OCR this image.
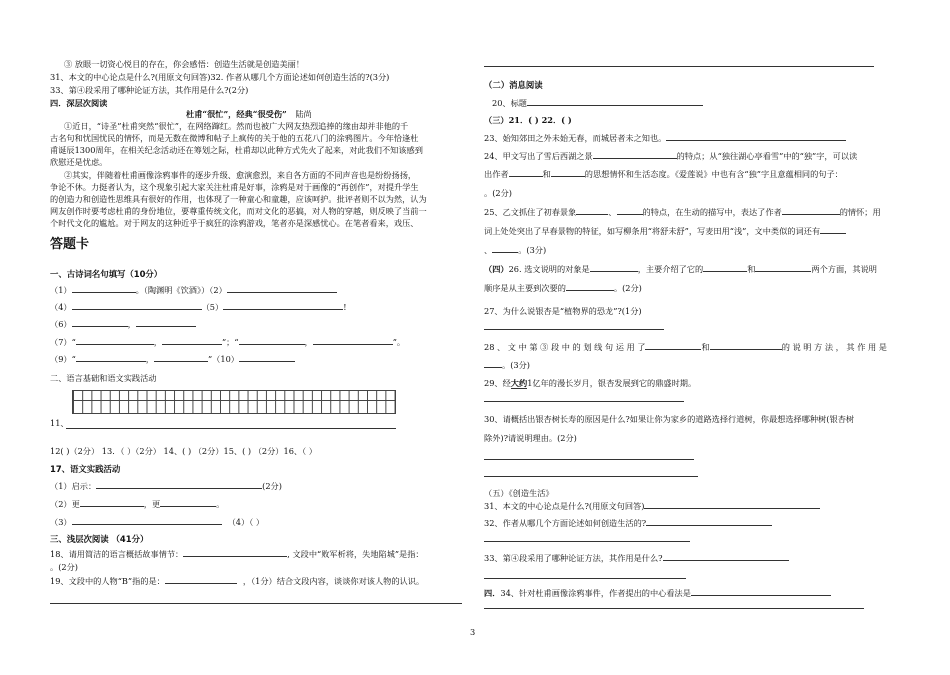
③ 放眼一切资心悦目的存在，你会感悟：创造生活就是创造美丽！
31、本文的中心论点是什么?(用原文句回答)32. 作者从哪几个方面论述如何创造生活的?(3分)
33、第④段采用了哪种论证方法，其作用是什么?(2分)
四．深层次阅读
杜甫“很忙”，经典“很受伤” 陆尚
①近日，“诗圣”杜甫突然“很忙”，在网络蹿红。然而也被广大网友热烈追捧的缘由却并非他的千
古名句和忧国忧民的情怀，而是无数在微博和帖子上疯传的关于他的五花八门的涂鸦图片。今年恰逢杜
甫诞辰1300周年，在相关纪念活动还在筹划之际，杜甫却以此种方式先火了起来，对此我们不知该感到
欣慰还是忧虑。
②其实，伴随着杜甫画像涂鸦事件的逐步升级、愈演愈烈，来自各方面的不同声音也是纷纷扬扬，
争论不休。力挺者认为，这个现象引起大家关注杜甫是好事，涂鸦是对于画像的“再创作”，对提升学生
的创造力和创造性思维具有很好的作用，也体现了一种童心和童趣，应该呵护。批评者则不以为然，认为
网友创作时要考虑杜甫的身份地位，要尊重传统文化，而对文化的恶搞，对人物的穿越，则反映了当前一
个时代文化的尴尬。对于网友的这种近乎于疯狂的涂鸦游戏，笔者亦是深感忧心。在笔者看来，戏压、
答题卡
一、古诗词名句填写（10分）
（1）	。（陶渊明《饮酒》）（2）
（4）	（5）	!
（6）	，
（7）“	，	”；“	，	”。
（9）“	，	”（10）
二、语言基础和语文实践活动
11、
12( )（2分） 13．（ ）（2分） 14、( ) （2分）15、( ) （2分）16、（ ）
17、语文实践活动
（1）启示：	(2分)
（2）更	，更	。
（3）	（4）（ ）
三、浅层次阅读 （41分）
18、请用简洁的语言概括故事情节：	, 文段中“败军析将，失地陷城”是指：
。(2分)
19、文段中的人物“B”指的是：	，（1分）结合文段内容，谈谈你对该人物的认识。
（二）消息阅读
20、标题
（三）21．( ) 22．( )
23、始知郊田之外未始无春，而城居者未之知也。
24、甲文写出了雪后西湖之景	的特点；从“独往湖心亭看雪”中的“独”字，可以读
出作者	和	的思想情怀和生活态度。《爱莲说》中也有含“独”字且意蕴相同的句子：
。(2分)
25、乙文抓住了初春景象	、	的特点，在生动的描写中，表达了作者	的情怀；用
词上处处突出了早春景物的特征，如写柳条用“将舒未舒”，写麦田用“浅”，文中类似的词还有
、	。(3分)
（四）26. 选文说明的对象是	，主要介绍了它的	和	两个方面，其说明
顺序是从主要到次要的	。(2分)
27、为什么说银杏是“植物界的恐龙”?(1分)
28 、 文 中 第 ③ 段 中 的 划 线 句 运 用 了	和	的 说 明 方 法 ， 其 作 用 是
。(3分)
29、经大约1亿年的漫长岁月，银杏发展到它的鼎盛时期。
30、请概括出银杏树长寿的原因是什么?如果让你为家乡的道路选择行道树，你最想选择哪种树(银杏树
除外)?请说明理由。(2分)
（五）《创造生活》
31、本文的中心论点是什么?(用原文句回答)
32、作者从哪几个方面论述如何创造生活的?
33、第④段采用了哪种论证方法，其作用是什么?
四．34、针对杜甫画像涂鸦事件，作者提出的中心看法是
3
